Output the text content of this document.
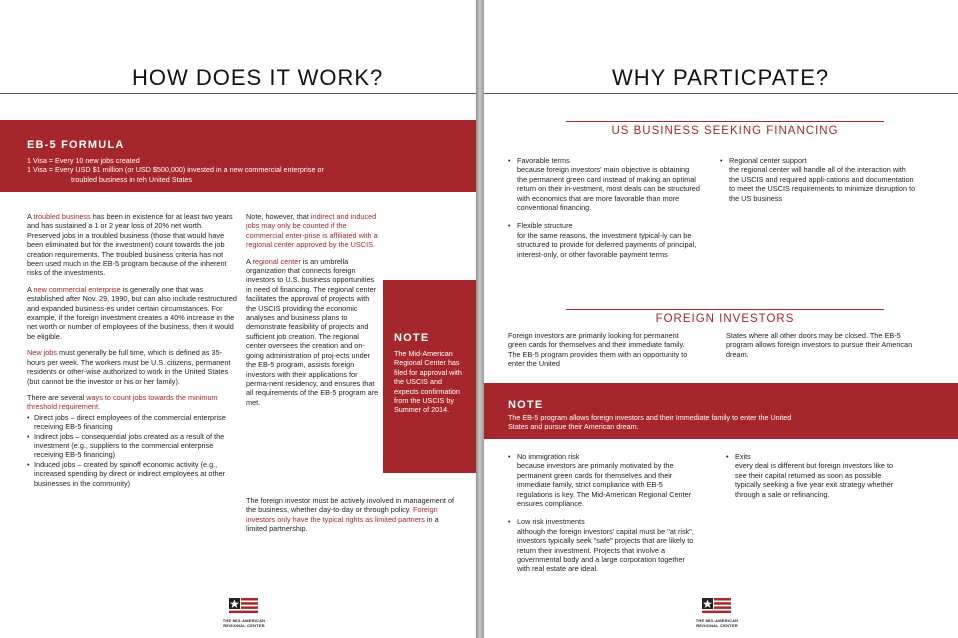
HOW DOES IT WORK?
EB-5 FORMULA
1 Visa = Every 10 new jobs created
1 Visa = Every USD $1 million (or USD $500,000) invested in a new commercial enterprise or
troubled business in teh United States

A troubled business has been in existence for at least two years and has sustained a 1 or 2 year loss of 20% net worth. Preserved jobs in a troubled business (those that would have been eliminated but for the investment) count towards the job creation requirements. The troubled business criteria has not been used much in the EB-5 program because of the inherent risks of the investments.

A new commercial enterprise is generally one that was established after Nov. 29, 1990, but can also include restructured and expanded business-es under certain circumstances. For example, if the foreign investment creates a 40% increase in the net worth or number of employees of the business, then it would be eligible.

New jobs must generally be full time, which is defined as 35-hours per week. The workers must be U.S. citizens, permanent residents or other-wise authorized to work in the United States (but cannot be the investor or his or her family).

There are several ways to count jobs towards the minimum threshold requirement.

• Direct jobs – direct employees of the commercial enterprise receiving EB-5 financing
• Indirect jobs – consequential jobs created as a result of the investment (e.g., suppliers to the commercial enterprise receiving EB-5 financing)
• Induced jobs – created by spinoff economic activity (e.g., increased spending by direct or indirect employees at other businesses in the community)

Note, however, that indirect and induced jobs may only be counted if the commercial enter-prise is affiliated with a regional center approved by the USCIS.

A regional center is an umbrella organization that connects foreign investors to U.S. business opportunities in need of financing. The regional center facilitates the approval of projects with the USCIS providing the economic analyses and business plans to demonstrate feasibility of projects and sufficient job creation. The regional center oversees the creation and on-going administration of proj-ects under the EB-5 program, assists foreign investors with their applications for perma-nent residency, and ensures that all requirements of the EB-5 program are met.

The foreign investor must be actively involved in management of the business, whether day-to-day or through policy. Foreign investors only have the typical rights as limited partners in a limited partnership.
NOTE
The Mid-American Regional Center has filed for approval with the USCIS and expects confirmation from the USCIS by Summer of 2014.
THE MID-AMERICAN
REGIONAL CENTER
WHY PARTICPATE?
US BUSINESS SEEKING FINANCING
• Favorable terms
because foreign investors' main objective is obtaining the permanent green card instead of making an optimal return on their in-vestment, most deals can be structured with economics that are more favorable than more conventional financing.
• Flexible structure
for the same reasons, the investment typical-ly can be structured to provide for deferred payments of principal, interest-only, or other favorable payment terms
• Regional center support
the regional center will handle all of the interaction with the USCIS and required appli-cations and documentation to meet the USCIS requirements to minimize disruption to the US business
FOREIGN INVESTORS
Foreign investors are primarily looking for permanent green cards for themselves and their immediate family. The EB-5 program provides them with an opportunity to enter the United
States where all other doors may be closed. The EB-5 program allows foreign investors to pursue their American dream.
NOTE
The EB-5 program allows foreign investors and their Immediate family to enter the United
States and pursue their American dream.
• No immigration risk
because investors are primarily motivated by the permanent green cards for themselves and their immediate family, strict compliance with EB-5 regulations is key. The Mid-American Regional Center ensures compliance.
• Low risk investments
although the foreign investors' capital must be "at risk", investors typically seek "safe" projects that are likely to return their investment. Projects that involve a governmental body and a large corporation together with real estate are ideal.
• Exits
every deal is different but foreign investors like to see their capital returned as soon as possible typically seeking a five year exit strategy whether through a sale or refinancing.
THE MID-AMERICAN
REGIONAL CENTER
